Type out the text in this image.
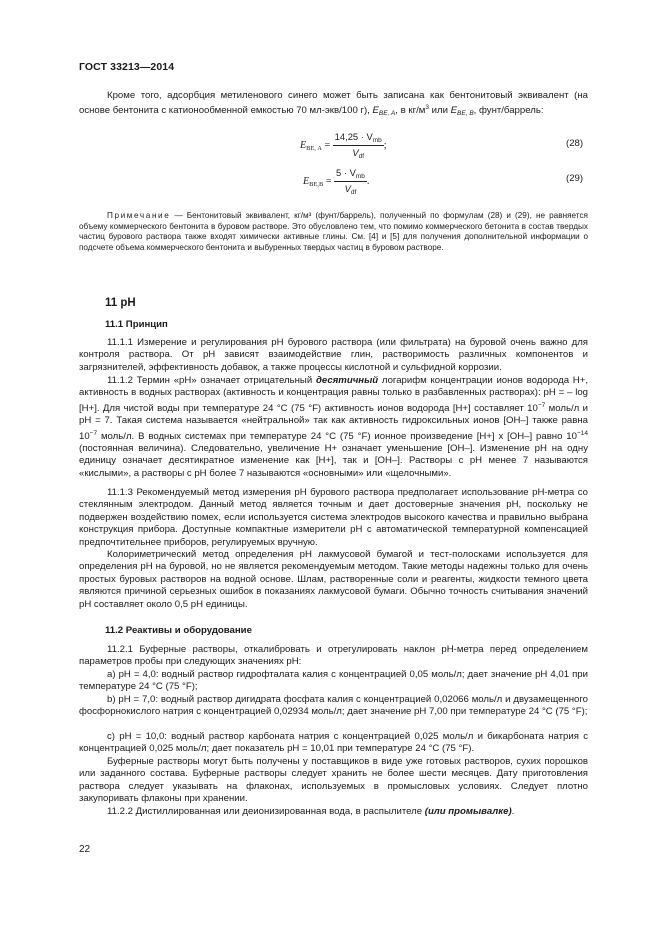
ГОСТ 33213—2014
Кроме того, адсорбция метиленового синего может быть записана как бентонитовый эквивалент (на
основе бентонита с катионообменной емкостью 70 мл-экв/100 г), $E_{BE, A}$, в $кг/м^3$ или $E_{BE, B}$, фунт/баррель:
$E_{BE, A} = \frac{14,25 \cdot V_{mb}}{V_{df}}$ ;	(28)
$E_{BE,B} = \frac{5 \cdot V_{mb}}{V_{df}}$ .	(29)
Примечание — Бентонитовый эквивалент, кг/м³ (фунт/баррель), полученный по формулам (28) и (29), не равняется объему коммерческого бентонита в буровом растворе. Это обусловлено тем, что помимо коммерческого бетонита в состав твердых частиц бурового раствора также входят химически активные глины. См. [4] и [5] для получения дополнительной информации о подсчете объема коммерческого бентонита и выбуренных твердых частиц в буровом растворе.
11 pH
11.1 Принцип
11.1.1 Измерение и регулирования pH бурового раствора (или фильтрата) на буровой очень важно для контроля раствора. От pH зависят взаимодействие глин, растворимость различных компонентов и загрязнителей, эффективность добавок, а также процессы кислотной и сульфидной коррозии.
11.1.2 Термин «pH» означает отрицательный десятичный логарифм концентрации ионов водорода H+, активность в водных растворах (активность и концентрация равны только в разбавленных растворах): pH = – log [H+]. Для чистой воды при температуре 24 °С (75 °F) активность ионов водорода [H+] составляет $10^{-7}$ моль/л и pH = 7. Такая система называется «нейтральной» так как активность гидроксильных ионов [OH–] также равна $10^{-7}$ моль/л. В водных системах при температуре 24 °С (75 °F) ионное произведение [H+] x [OH–] равно $10^{-14}$ (постоянная величина). Следовательно, увеличение H+ означает уменьшение [OH–]. Изменение pH на одну единицу означает десятикратное изменение как [H+], так и [OH–]. Растворы с pH менее 7 называются «кислыми», а растворы с pH более 7 называются «основными» или «щелочными».
11.1.3 Рекомендуемый метод измерения pH бурового раствора предполагает использование pH-метра со стеклянным электродом. Данный метод является точным и дает достоверные значения pH, поскольку не подвержен воздействию помех, если используется система электродов высокого качества и правильно выбрана конструкция прибора. Доступные компактные измерители pH с автоматической температурной компенсацией предпочтительнее приборов, регулируемых вручную.
Колориметрический метод определения pH лакмусовой бумагой и тест-полосками используется для определения pH на буровой, но не является рекомендуемым методом. Такие методы надежны только для очень простых буровых растворов на водной основе. Шлам, растворенные соли и реагенты, жидкости темного цвета являются причиной серьезных ошибок в показаниях лакмусовой бумаги. Обычно точность считывания значений pH составляет около 0,5 pH единицы.
11.2 Реактивы и оборудование
11.2.1 Буферные растворы, откалибровать и отрегулировать наклон pH-метра перед определением параметров пробы при следующих значениях pH:
a) pH = 4,0: водный раствор гидрофталата калия с концентрацией 0,05 моль/л; дает значение pH 4,01 при температуре 24 °С (75 °F);
b) pH = 7,0: водный раствор дигидрата фосфата калия с концентрацией 0,02066 моль/л и двузамещенного фосфорнокислого натрия с концентрацией 0,02934 моль/л; дает значение pH 7,00 при температуре 24 °С (75 °F);
c) pH = 10,0: водный раствор карбоната натрия с концентрацией 0,025 моль/л и бикарбоната натрия с концентрацией 0,025 моль/л; дает показатель pH = 10,01 при температуре 24 °С (75 °F).
Буферные растворы могут быть получены у поставщиков в виде уже готовых растворов, сухих порошков или заданного состава. Буферные растворы следует хранить не более шести месяцев. Дату приготовления раствора следует указывать на флаконах, используемых в промысловых условиях. Следует плотно закупоривать флаконы при хранении.
11.2.2 Дистиллированная или деионизированная вода, в распылителе (или промывалке).
22
